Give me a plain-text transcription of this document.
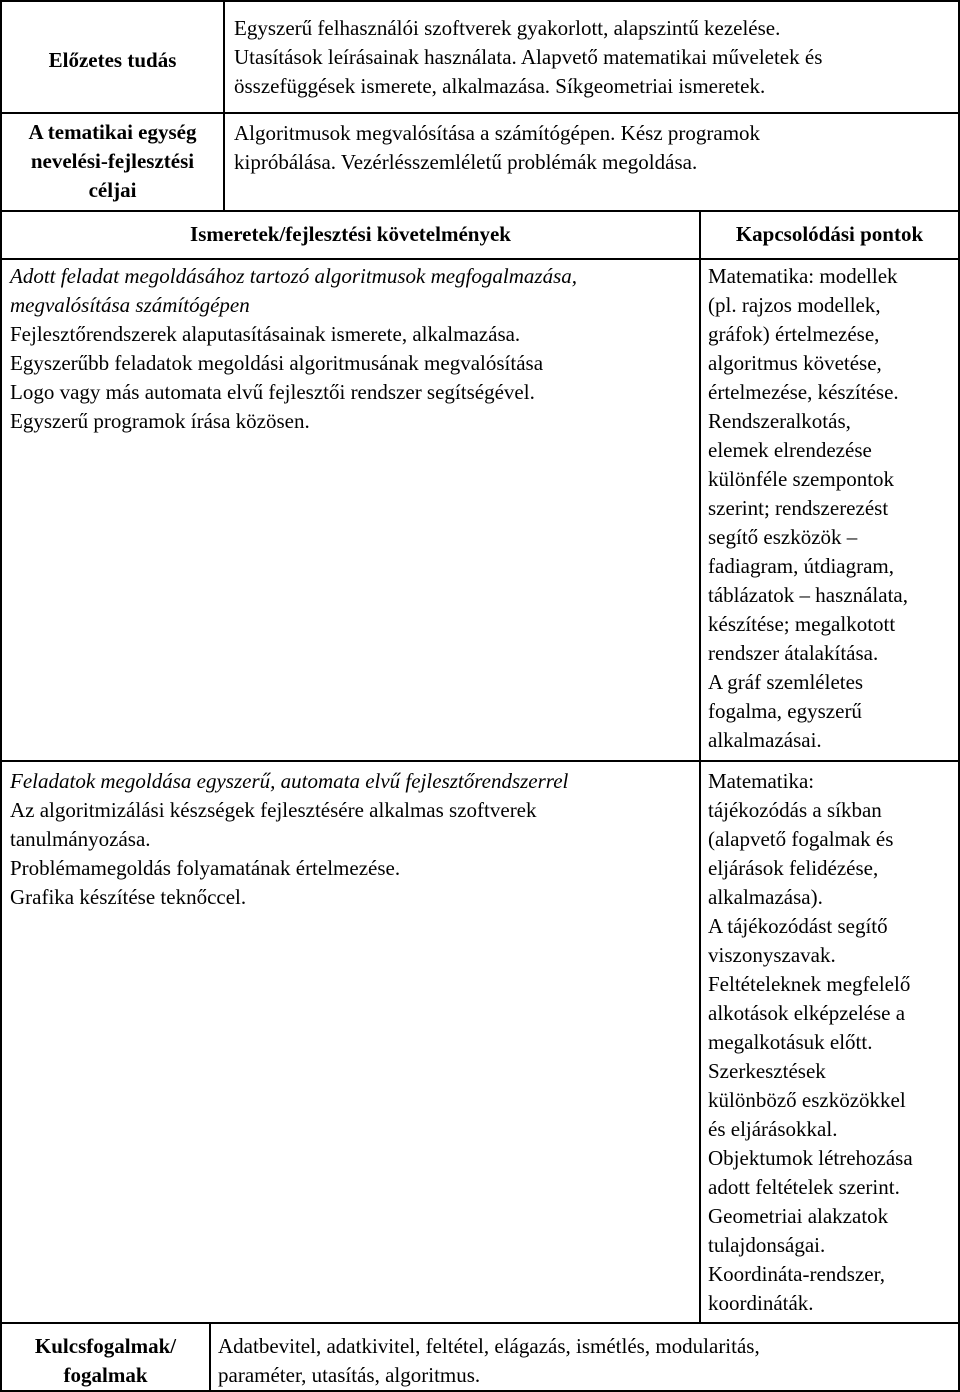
Előzetes tudás
Egyszerű felhasználói szoftverek gyakorlott, alapszintű kezelése.
Utasítások leírásainak használata. Alapvető matematikai műveletek és
összefüggések ismerete, alkalmazása. Síkgeometriai ismeretek.
A tematikai egység
nevelési-fejlesztési
céljai
Algoritmusok megvalósítása a számítógépen. Kész programok
kipróbálása. Vezérlésszemléletű problémák megoldása.
Ismeretek/fejlesztési követelmények	Kapcsolódási pontok
Adott feladat megoldásához tartozó algoritmusok megfogalmazása,
megvalósítása számítógépen
Fejlesztőrendszerek alaputasításainak ismerete, alkalmazása.
Egyszerűbb feladatok megoldási algoritmusának megvalósítása
Logo vagy más automata elvű fejlesztői rendszer segítségével.
Egyszerű programok írása közösen.
Matematika: modellek
(pl. rajzos modellek,
gráfok) értelmezése,
algoritmus követése,
értelmezése, készítése.
Rendszeralkotás,
elemek elrendezése
különféle szempontok
szerint; rendszerezést
segítő eszközök –
fadiagram, útdiagram,
táblázatok – használata,
készítése; megalkotott
rendszer átalakítása.
A gráf szemléletes
fogalma, egyszerű
alkalmazásai.
Feladatok megoldása egyszerű, automata elvű fejlesztőrendszerrel
Az algoritmizálási készségek fejlesztésére alkalmas szoftverek
tanulmányozása.
Problémamegoldás folyamatának értelmezése.
Grafika készítése teknőccel.
Matematika:
tájékozódás a síkban
(alapvető fogalmak és
eljárások felidézése,
alkalmazása).
A tájékozódást segítő
viszonyszavak.
Feltételeknek megfelelő
alkotások elképzelése a
megalkotásuk előtt.
Szerkesztések
különböző eszközökkel
és eljárásokkal.
Objektumok létrehozása
adott feltételek szerint.
Geometriai alakzatok
tulajdonságai.
Koordináta-rendszer,
koordináták.
Kulcsfogalmak/
fogalmak
Adatbevitel, adatkivitel, feltétel, elágazás, ismétlés, modularitás,
paraméter, utasítás, algoritmus.
